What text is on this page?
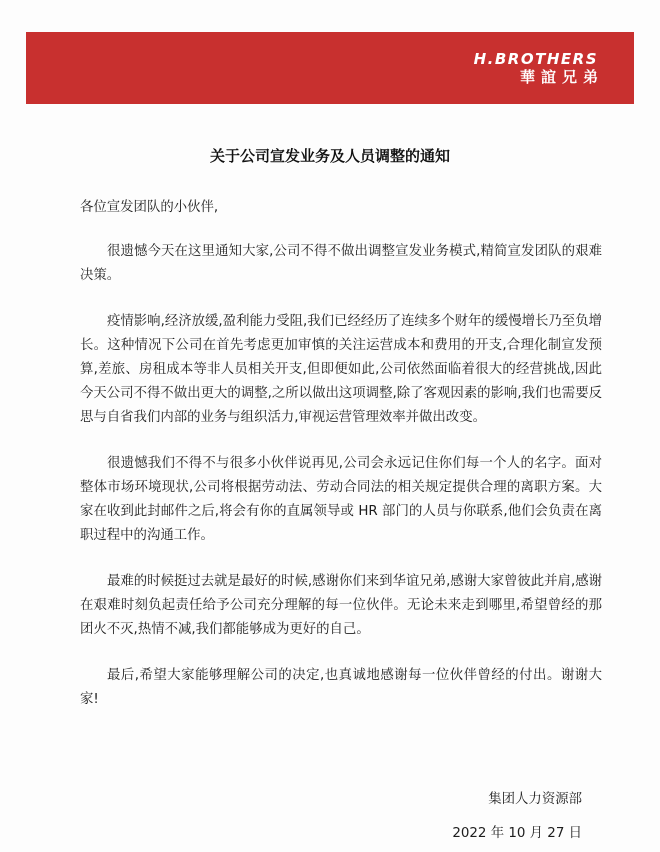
H.BROTHERS
華誼兄弟
关于公司宣发业务及人员调整的通知

各位宣发团队的小伙伴,

很遗憾今天在这里通知大家,公司不得不做出调整宣发业务模式,精简宣发团队的艰难决策。

疫情影响,经济放缓,盈利能力受阻,我们已经经历了连续多个财年的缓慢增长乃至负增长。这种情况下公司在首先考虑更加审慎的关注运营成本和费用的开支,合理化制宣发预算,差旅、房租成本等非人员相关开支,但即便如此,公司依然面临着很大的经营挑战,因此今天公司不得不做出更大的调整,之所以做出这项调整,除了客观因素的影响,我们也需要反思与自省我们内部的业务与组织活力,审视运营管理效率并做出改变。

很遗憾我们不得不与很多小伙伴说再见,公司会永远记住你们每一个人的名字。面对整体市场环境现状,公司将根据劳动法、劳动合同法的相关规定提供合理的离职方案。大家在收到此封邮件之后,将会有你的直属领导或 HR 部门的人员与你联系,他们会负责在离职过程中的沟通工作。

最难的时候挺过去就是最好的时候,感谢你们来到华谊兄弟,感谢大家曾彼此并肩,感谢在艰难时刻负起责任给予公司充分理解的每一位伙伴。无论未来走到哪里,希望曾经的那团火不灭,热情不减,我们都能够成为更好的自己。

最后,希望大家能够理解公司的决定,也真诚地感谢每一位伙伴曾经的付出。谢谢大家!

集团人力资源部
2022 年 10 月 27 日
